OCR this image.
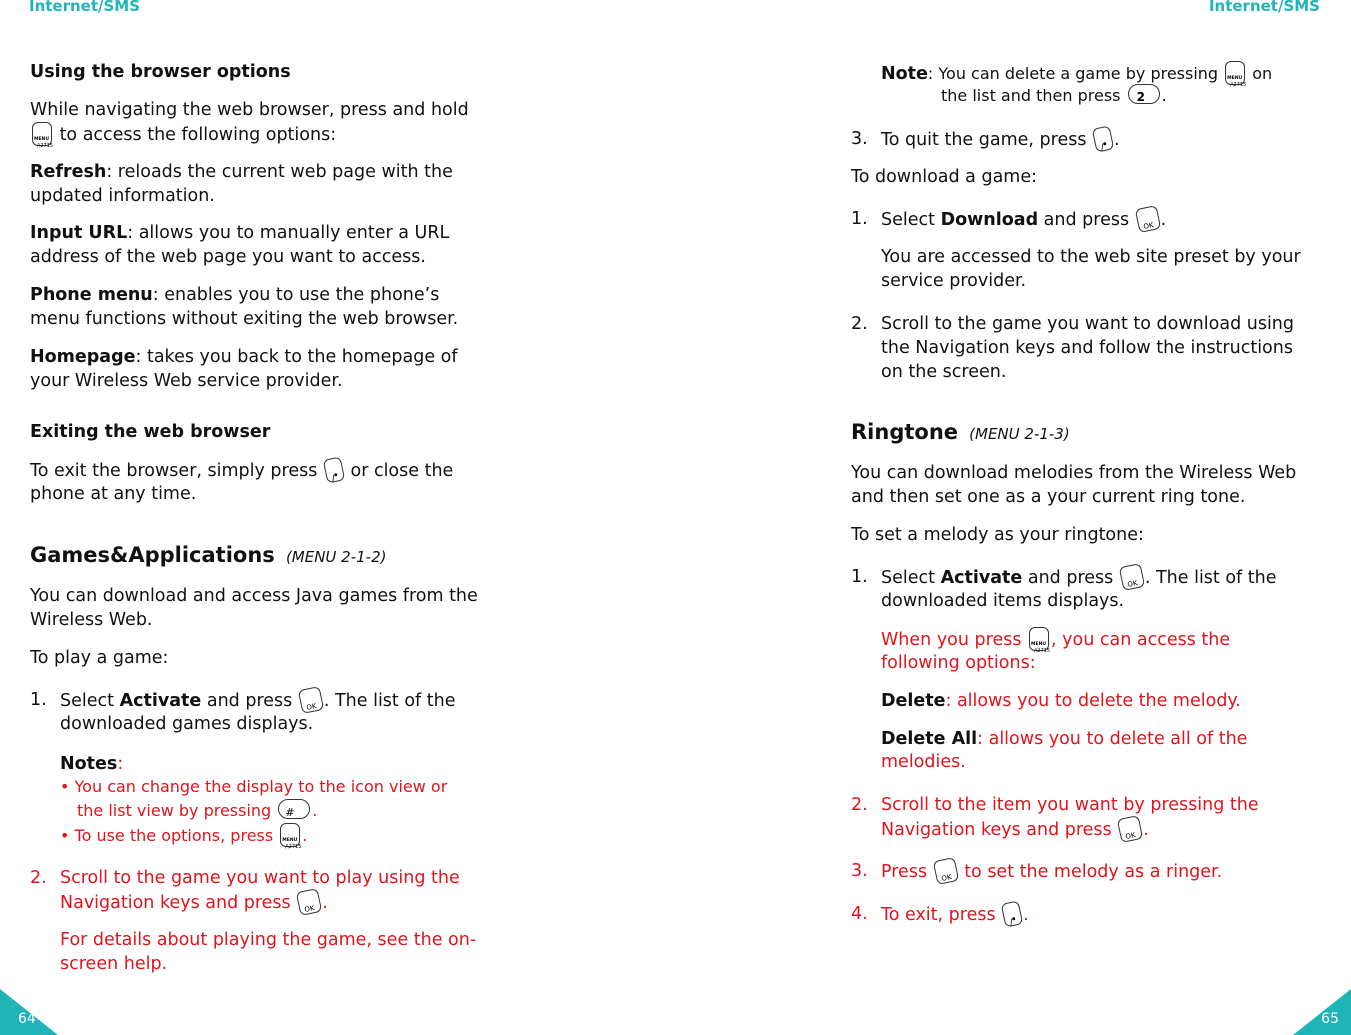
Internet/SMS
Using the browser options
While navigating the web browser, press and hold
MENU /✕ to access the following options:
Refresh: reloads the current web page with the
updated information.
Input URL: allows you to manually enter a URL
address of the web page you want to access.
Phone menu: enables you to use the phone’s
menu functions without exiting the web browser.
Homepage: takes you back to the homepage of
your Wireless Web service provider.
Exiting the web browser
To exit the browser, simply press ● / or close the
phone at any time.
Games&Applications (MENU 2-1-2)
You can download and access Java games from the
Wireless Web.
To play a game:
1. Select Activate and press OK. The list of the
downloaded games displays.
Notes:
• You can change the display to the icon view or
the list view by pressing #.
• To use the options, press MENU /✕.
2. Scroll to the game you want to play using the
Navigation keys and press OK.
For details about playing the game, see the on-
screen help.
64
Internet/SMS
Note: You can delete a game by pressing MENU /✕ on
the list and then press 2.
3. To quit the game, press ● /.
To download a game:
1. Select Download and press OK.
You are accessed to the web site preset by your
service provider.
2. Scroll to the game you want to download using
the Navigation keys and follow the instructions
on the screen.
Ringtone (MENU 2-1-3)
You can download melodies from the Wireless Web
and then set one as a your current ring tone.
To set a melody as your ringtone:
1. Select Activate and press OK. The list of the
downloaded items displays.
When you press MENU /✕, you can access the
following options:
Delete: allows you to delete the melody.
Delete All: allows you to delete all of the
melodies.
2. Scroll to the item you want by pressing the
Navigation keys and press OK.
3. Press OK to set the melody as a ringer.
4. To exit, press ● /.
65
